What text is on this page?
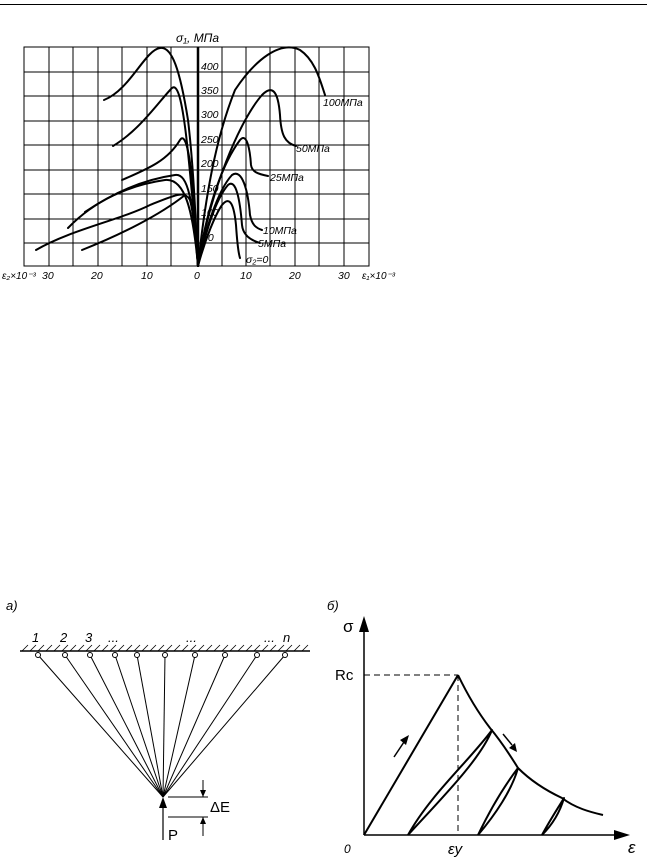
50
100
150
200
250
300
350
400
30	20	10	0	10	20	30
ε₂×10⁻³	ε₁×10⁻³
σ₁, МПа
100МПа
50МПа
25МПа
10МПа
5МПа
σ₂=0
а)
1 2 3 ...	...	... n
ΔΕ
P
б)
σ
ε
0
Rc
εy
